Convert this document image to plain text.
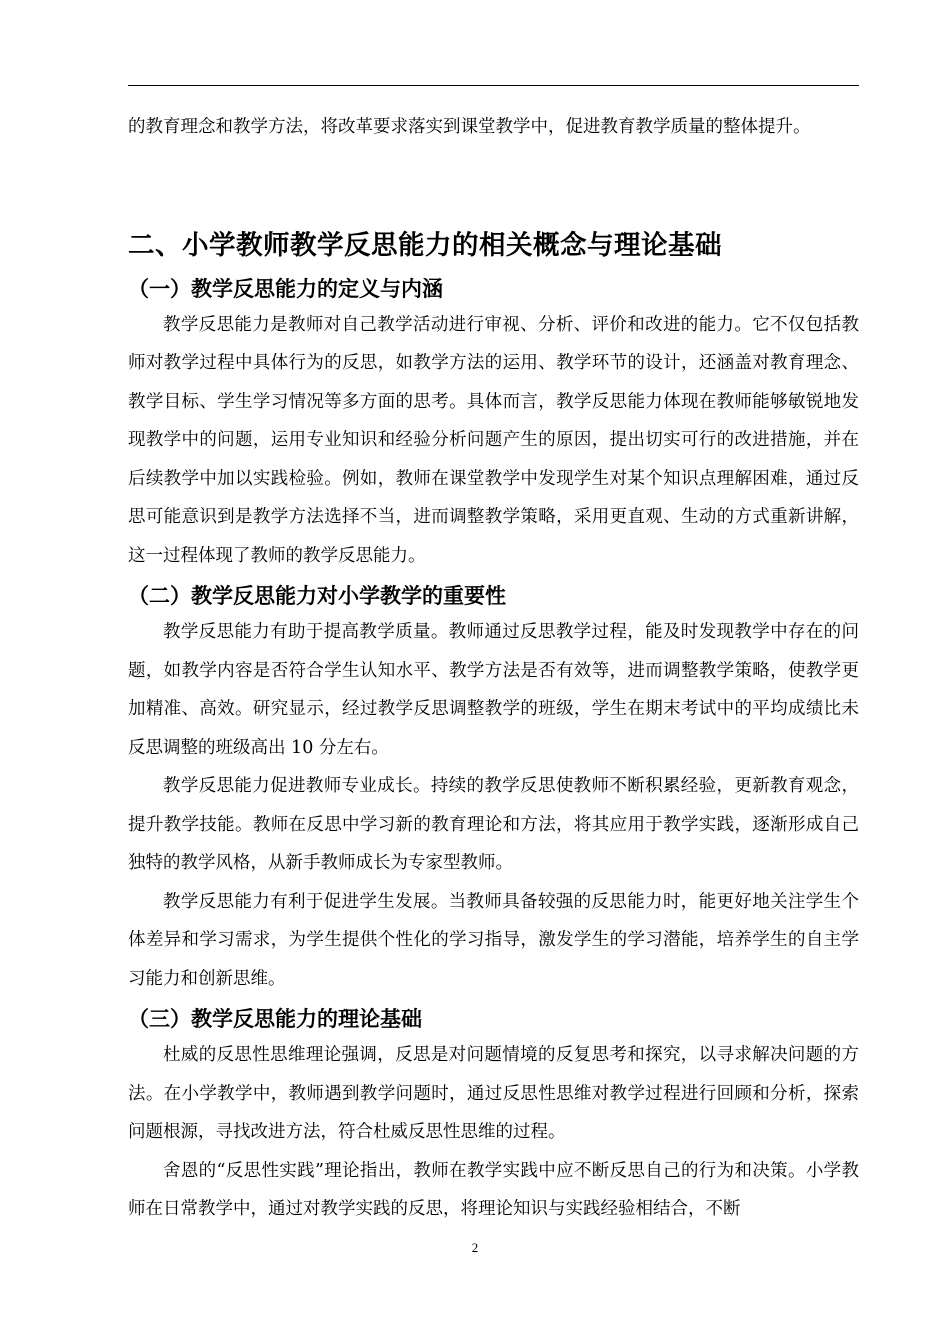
的教育理念和教学方法，将改革要求落实到课堂教学中，促进教育教学质量的整体提升。

二、小学教师教学反思能力的相关概念与理论基础
（一）教学反思能力的定义与内涵

教学反思能力是教师对自己教学活动进行审视、分析、评价和改进的能力。它不仅包括教师对教学过程中具体行为的反思，如教学方法的运用、教学环节的设计，还涵盖对教育理念、教学目标、学生学习情况等多方面的思考。具体而言，教学反思能力体现在教师能够敏锐地发现教学中的问题，运用专业知识和经验分析问题产生的原因，提出切实可行的改进措施，并在后续教学中加以实践检验。例如，教师在课堂教学中发现学生对某个知识点理解困难，通过反思可能意识到是教学方法选择不当，进而调整教学策略，采用更直观、生动的方式重新讲解，这一过程体现了教师的教学反思能力。

（二）教学反思能力对小学教学的重要性

教学反思能力有助于提高教学质量。教师通过反思教学过程，能及时发现教学中存在的问题，如教学内容是否符合学生认知水平、教学方法是否有效等，进而调整教学策略，使教学更加精准、高效。研究显示，经过教学反思调整教学的班级，学生在期末考试中的平均成绩比未反思调整的班级高出 10 分左右。

教学反思能力促进教师专业成长。持续的教学反思使教师不断积累经验，更新教育观念，提升教学技能。教师在反思中学习新的教育理论和方法，将其应用于教学实践，逐渐形成自己独特的教学风格，从新手教师成长为专家型教师。

教学反思能力有利于促进学生发展。当教师具备较强的反思能力时，能更好地关注学生个体差异和学习需求，为学生提供个性化的学习指导，激发学生的学习潜能，培养学生的自主学习能力和创新思维。

（三）教学反思能力的理论基础

杜威的反思性思维理论强调，反思是对问题情境的反复思考和探究，以寻求解决问题的方法。在小学教学中，教师遇到教学问题时，通过反思性思维对教学过程进行回顾和分析，探索问题根源，寻找改进方法，符合杜威反思性思维的过程。

舍恩的“反思性实践”理论指出，教师在教学实践中应不断反思自己的行为和决策。小学教师在日常教学中，通过对教学实践的反思，将理论知识与实践经验相结合，不断

2
